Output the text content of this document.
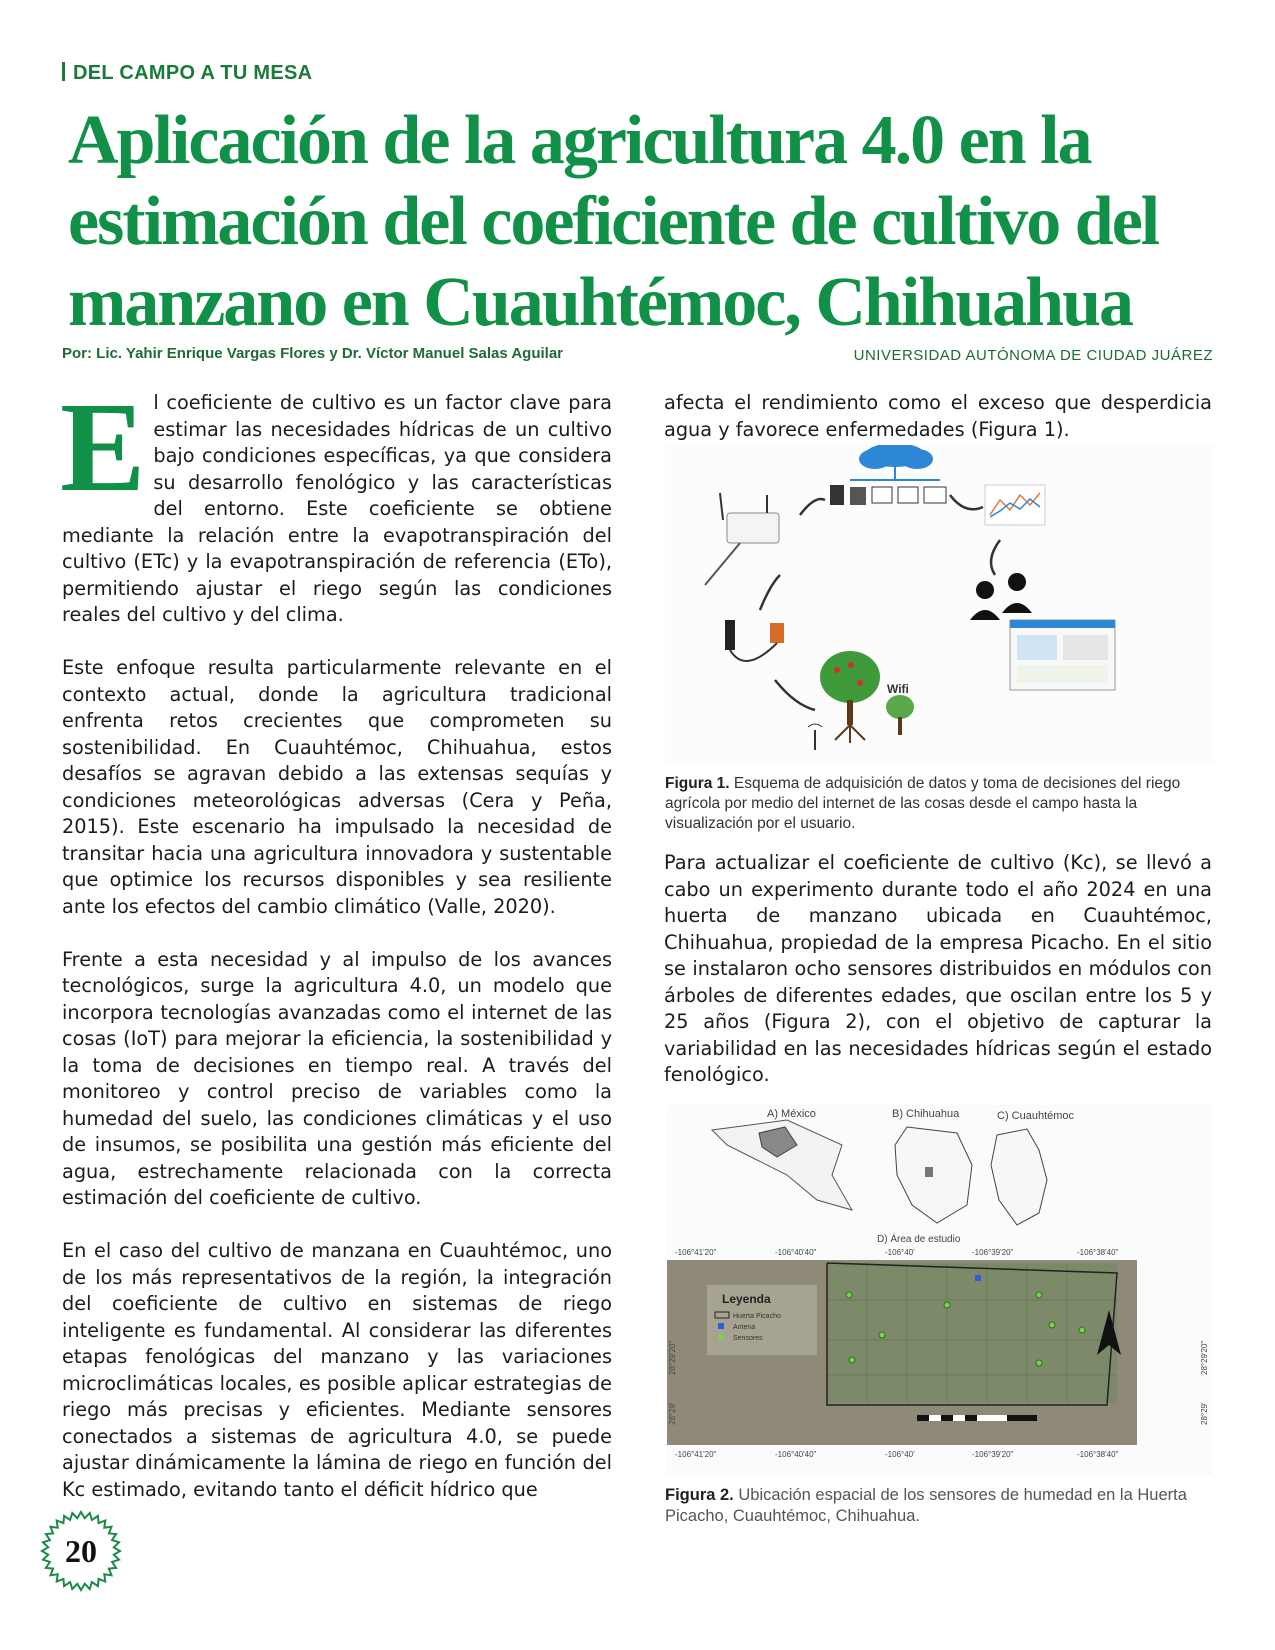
DEL CAMPO A TU MESA
Aplicación de la agricultura 4.0 en la estimación del coeficiente de cultivo del manzano en Cuauhtémoc, Chihuahua
Por: Lic. Yahir Enrique Vargas Flores y Dr. Víctor Manuel Salas Aguilar	UNIVERSIDAD AUTÓNOMA DE CIUDAD JUÁREZ

El coeficiente de cultivo es un factor clave para estimar las necesidades hídricas de un cultivo bajo condiciones específicas, ya que considera su desarrollo fenológico y las características del entorno. Este coeficiente se obtiene mediante la relación entre la evapotranspiración del cultivo (ETc) y la evapotranspiración de referencia (ETo), permitiendo ajustar el riego según las condiciones reales del cultivo y del clima.

Este enfoque resulta particularmente relevante en el contexto actual, donde la agricultura tradicional enfrenta retos crecientes que comprometen su sostenibilidad. En Cuauhtémoc, Chihuahua, estos desafíos se agravan debido a las extensas sequías y condiciones meteorológicas adversas (Cera y Peña, 2015). Este escenario ha impulsado la necesidad de transitar hacia una agricultura innovadora y sustentable que optimice los recursos disponibles y sea resiliente ante los efectos del cambio climático (Valle, 2020).

Frente a esta necesidad y al impulso de los avances tecnológicos, surge la agricultura 4.0, un modelo que incorpora tecnologías avanzadas como el internet de las cosas (IoT) para mejorar la eficiencia, la sostenibilidad y la toma de decisiones en tiempo real. A través del monitoreo y control preciso de variables como la humedad del suelo, las condiciones climáticas y el uso de insumos, se posibilita una gestión más eficiente del agua, estrechamente relacionada con la correcta estimación del coeficiente de cultivo.

En el caso del cultivo de manzana en Cuauhtémoc, uno de los más representativos de la región, la integración del coeficiente de cultivo en sistemas de riego inteligente es fundamental. Al considerar las diferentes etapas fenológicas del manzano y las variaciones microclimáticas locales, es posible aplicar estrategias de riego más precisas y eficientes. Mediante sensores conectados a sistemas de agricultura 4.0, se puede ajustar dinámicamente la lámina de riego en función del Kc estimado, evitando tanto el déficit hídrico que

afecta el rendimiento como el exceso que desperdicia agua y favorece enfermedades (Figura 1).

Wifi
Figura 1. Esquema de adquisición de datos y toma de decisiones del riego agrícola por medio del internet de las cosas desde el campo hasta la visualización por el usuario.

Para actualizar el coeficiente de cultivo (Kc), se llevó a cabo un experimento durante todo el año 2024 en una huerta de manzano ubicada en Cuauhtémoc, Chihuahua, propiedad de la empresa Picacho. En el sitio se instalaron ocho sensores distribuidos en módulos con árboles de diferentes edades, que oscilan entre los 5 y 25 años (Figura 2), con el objetivo de capturar la variabilidad en las necesidades hídricas según el estado fenológico.

A) México	B) Chihuahua	C) Cuauhtémoc
D) Área de estudio
-106°41'20"	-106°40'40"	-106°40'	-106°39'20"	-106°38'40"
Leyenda
Huerta Picacho
Antena
Sensores
28°29'20"
28°29'
28°29'20"
28°29'
-106°41'20"	-106°40'40"	-106°40'	-106°39'20"	-106°38'40"
Figura 2. Ubicación espacial de los sensores de humedad en la Huerta Picacho, Cuauhtémoc, Chihuahua.
20
